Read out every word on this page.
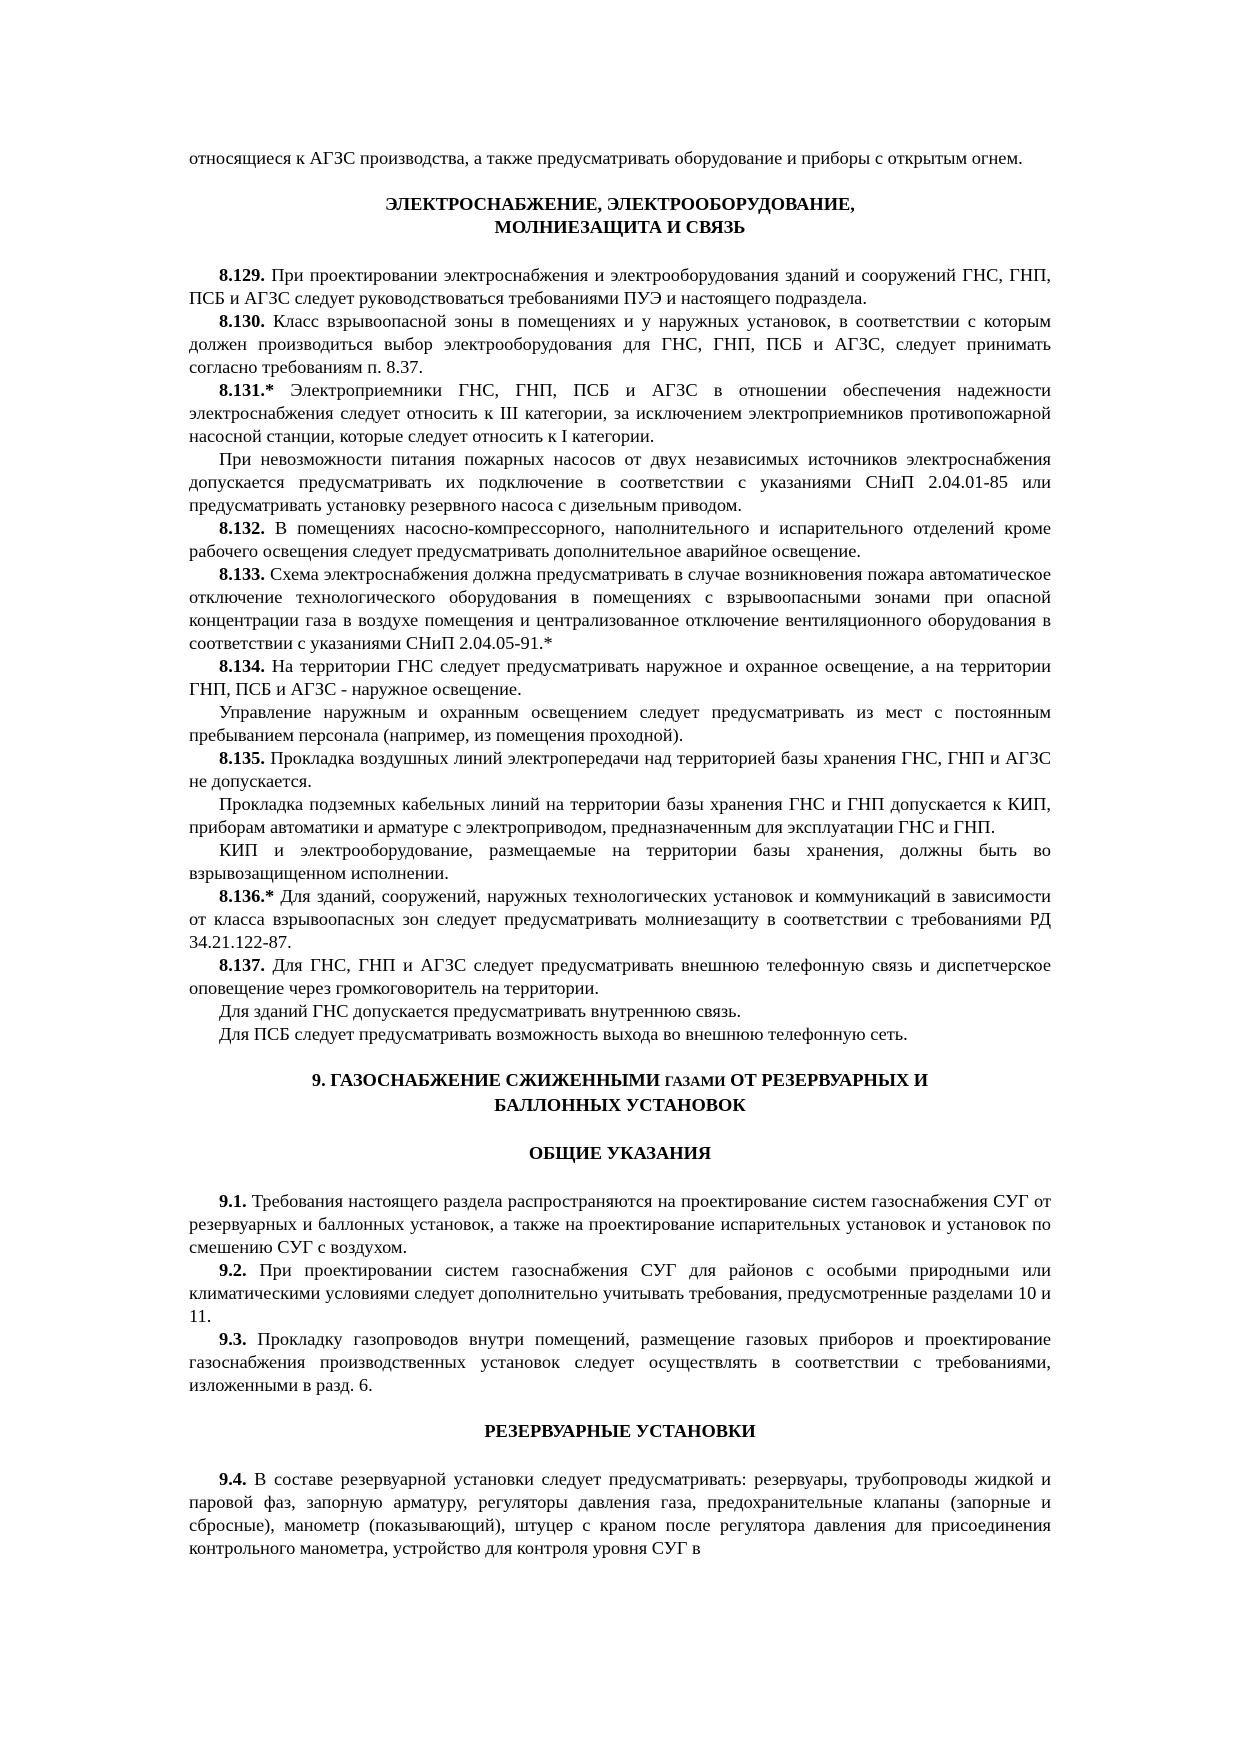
относящиеся к АГЗС производства, а также предусматривать оборудование и приборы с открытым огнем.

ЭЛЕКТРОСНАБЖЕНИЕ, ЭЛЕКТРООБОРУДОВАНИЕ,
МОЛНИЕЗАЩИТА И СВЯЗЬ

8.129. При проектировании электроснабжения и электрооборудования зданий и сооружений ГНС, ГНП, ПСБ и АГЗС следует руководствоваться требованиями ПУЭ и настоящего подраздела.

8.130. Класс взрывоопасной зоны в помещениях и у наружных установок, в соответствии с которым должен производиться выбор электрооборудования для ГНС, ГНП, ПСБ и АГЗС, следует принимать согласно требованиям п. 8.37.

8.131.* Электроприемники ГНС, ГНП, ПСБ и АГЗС в отношении обеспечения надежности электроснабжения следует относить к III категории, за исключением электроприемников противопожарной насосной станции, которые следует относить к I категории.

При невозможности питания пожарных насосов от двух независимых источников электроснабжения допускается предусматривать их подключение в соответствии с указаниями СНиП 2.04.01-85 или предусматривать установку резервного насоса с дизельным приводом.

8.132. В помещениях насосно-компрессорного, наполнительного и испарительного отделений кроме рабочего освещения следует предусматривать дополнительное аварийное освещение.

8.133. Схема электроснабжения должна предусматривать в случае возникновения пожара автоматическое отключение технологического оборудования в помещениях с взрывоопасными зонами при опасной концентрации газа в воздухе помещения и централизованное отключение вентиляционного оборудования в соответствии с указаниями СНиП 2.04.05-91.*

8.134. На территории ГНС следует предусматривать наружное и охранное освещение, а на территории ГНП, ПСБ и АГЗС - наружное освещение.

Управление наружным и охранным освещением следует предусматривать из мест с постоянным пребыванием персонала (например, из помещения проходной).

8.135. Прокладка воздушных линий электропередачи над территорией базы хранения ГНС, ГНП и АГЗС не допускается.

Прокладка подземных кабельных линий на территории базы хранения ГНС и ГНП допускается к КИП, приборам автоматики и арматуре с электроприводом, предназначенным для эксплуатации ГНС и ГНП.

КИП и электрооборудование, размещаемые на территории базы хранения, должны быть во взрывозащищенном исполнении.

8.136.* Для зданий, сооружений, наружных технологических установок и коммуникаций в зависимости от класса взрывоопасных зон следует предусматривать молниезащиту в соответствии с требованиями РД 34.21.122-87.

8.137. Для ГНС, ГНП и АГЗС следует предусматривать внешнюю телефонную связь и диспетчерское оповещение через громкоговоритель на территории.

Для зданий ГНС допускается предусматривать внутреннюю связь.

Для ПСБ следует предусматривать возможность выхода во внешнюю телефонную сеть.

9. ГАЗОСНАБЖЕНИЕ СЖИЖЕННЫМИ ГАЗАМИ ОТ РЕЗЕРВУАРНЫХ И
БАЛЛОННЫХ УСТАНОВОК
ОБЩИЕ УКАЗАНИЯ

9.1. Требования настоящего раздела распространяются на проектирование систем газоснабжения СУГ от резервуарных и баллонных установок, а также на проектирование испарительных установок и установок по смешению СУГ с воздухом.

9.2. При проектировании систем газоснабжения СУГ для районов с особыми природными или климатическими условиями следует дополнительно учитывать требования, предусмотренные разделами 10 и 11.

9.3. Прокладку газопроводов внутри помещений, размещение газовых приборов и проектирование газоснабжения производственных установок следует осуществлять в соответствии с требованиями, изложенными в разд. 6.

РЕЗЕРВУАРНЫЕ УСТАНОВКИ

9.4. В составе резервуарной установки следует предусматривать: резервуары, трубопроводы жидкой и паровой фаз, запорную арматуру, регуляторы давления газа, предохранительные клапаны (запорные и сбросные), манометр (показывающий), штуцер с краном после регулятора давления для присоединения контрольного манометра, устройство для контроля уровня СУГ в
